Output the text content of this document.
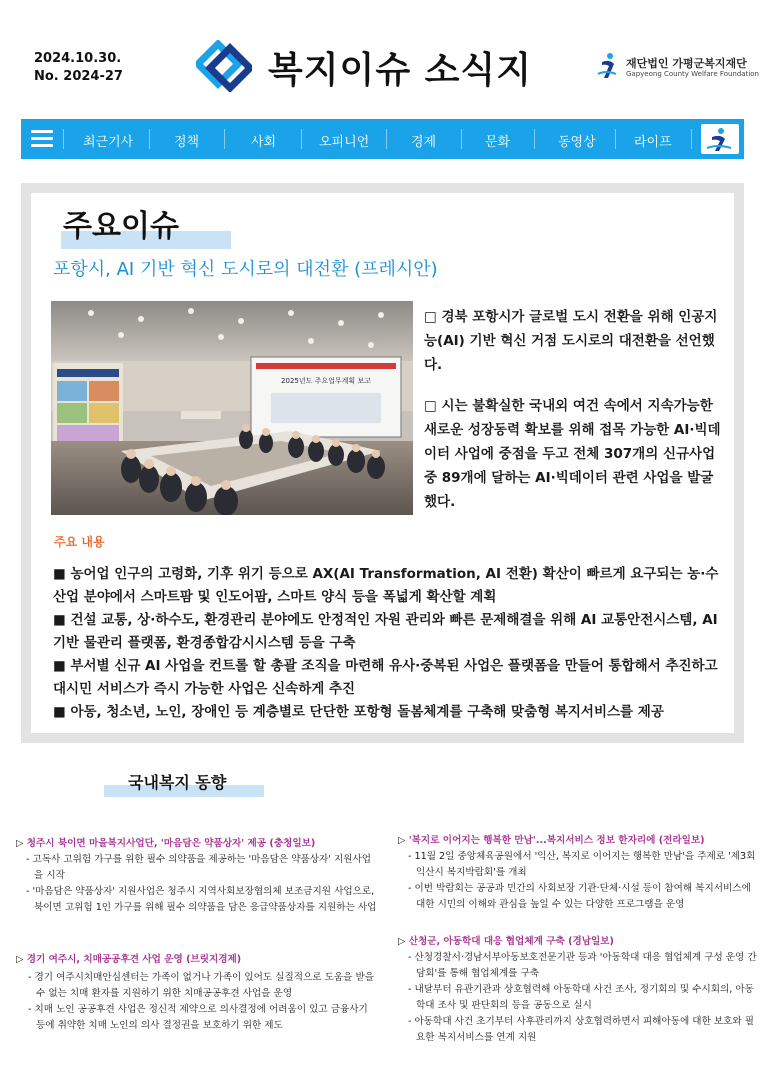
2024.10.30.
No. 2024-27	복지이슈 소식지	재단법인 가평군복지재단
Gapyeong County Welfare Foundation
최근기사	정책	사회	오피니언	경제	문화	동영상	라이프
주요이슈
포항시, AI 기반 혁신 도시로의 대전환 (프레시안)
2025년도 주요업무계획 보고

□ 경북 포항시가 글로벌 도시 전환을 위해 인공지능(AI) 기반 혁신 거점 도시로의 대전환을 선언했다.

□ 시는 불확실한 국내외 여건 속에서 지속가능한 새로운 성장동력 확보를 위해 접목 가능한 AI·빅데이터 사업에 중점을 두고 전체 307개의 신규사업 중 89개에 달하는 AI·빅데이터 관련 사업을 발굴했다.

주요 내용

■ 농어업 인구의 고령화, 기후 위기 등으로 AX(AI Transformation, AI 전환) 확산이 빠르게 요구되는 농·수산업 분야에서 스마트팜 및 인도어팜, 스마트 양식 등을 폭넓게 확산할 계획

■ 건설 교통, 상·하수도, 환경관리 분야에도 안정적인 자원 관리와 빠른 문제해결을 위해 AI 교통안전시스템, AI 기반 물관리 플랫폼, 환경종합감시시스템 등을 구축

■ 부서별 신규 AI 사업을 컨트롤 할 총괄 조직을 마련해 유사·중복된 사업은 플랫폼을 만들어 통합해서 추진하고 대시민 서비스가 즉시 가능한 사업은 신속하게 추진

■ 아동, 청소년, 노인, 장애인 등 계층별로 단단한 포항형 돌봄체계를 구축해 맞춤형 복지서비스를 제공

국내복지 동향
▷ 청주시 북이면 마을복지사업단, '마음담은 약품상자' 제공 (충청일보)
- 고독사 고위험 가구를 위한 필수 의약품을 제공하는 '마음담은 약품상자' 지원사업을 시작
- '마음담은 약품상자' 지원사업은 청주시 지역사회보장협의체 보조금지원 사업으로, 북이면 고위험 1인 가구를 위해 필수 의약품을 담은 응급약품상자를 지원하는 사업
▷ 경기 여주시, 치매공공후견 사업 운영 (브릿지경제)
- 경기 여주시치매안심센터는 가족이 없거나 가족이 있어도 실질적으로 도움을 받을 수 없는 치매 환자를 지원하기 위한 치매공공후견 사업을 운영
- 치매 노인 공공후견 사업은 정신적 제약으로 의사결정에 어려움이 있고 금융사기 등에 취약한 치매 노인의 의사 결정권을 보호하기 위한 제도
▷ '복지로 이어지는 행복한 만남'...복지서비스 정보 한자리에 (전라일보)
- 11월 2일 중앙체육공원에서 '익산, 복지로 이어지는 행복한 만남'을 주제로 '제3회 익산시 복지박람회'를 개최
- 이번 박람회는 공공과 민간의 사회보장 기관·단체·시설 등이 참여해 복지서비스에 대한 시민의 이해와 관심을 높일 수 있는 다양한 프로그램을 운영
▷ 산청군, 아동학대 대응 협업체계 구축 (경남일보)
- 산청경찰서·경남서부아동보호전문기관 등과 '아동학대 대응 협업체계 구성 운영 간담회'를 통해 협업체계를 구축
- 내달부터 유관기관과 상호협력해 아동학대 사건 조사, 정기회의 및 수시회의, 아동학대 조사 및 판단회의 등을 공동으로 실시
- 아동학대 사건 초기부터 사후관리까지 상호협력하면서 피해아동에 대한 보호와 필요한 복지서비스를 연계 지원
